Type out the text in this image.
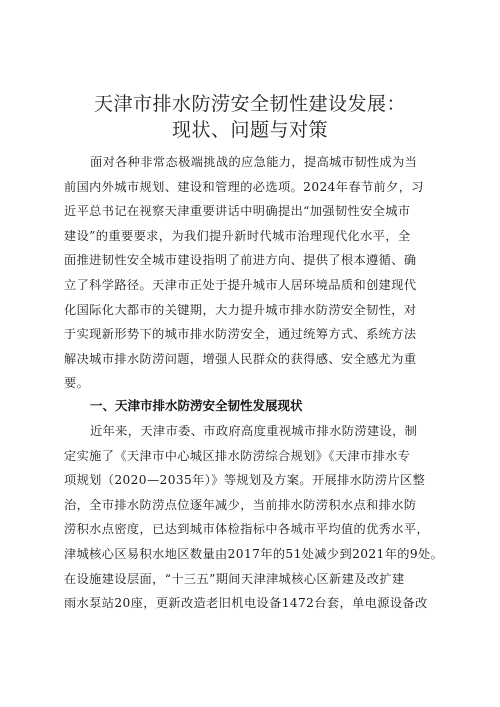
天津市排水防涝安全韧性建设发展：
现状、问题与对策
面对各种非常态极端挑战的应急能力，提高城市韧性成为当
前国内外城市规划、建设和管理的必选项。2024年春节前夕，习
近平总书记在视察天津重要讲话中明确提出“加强韧性安全城市
建设”的重要要求，为我们提升新时代城市治理现代化水平，全
面推进韧性安全城市建设指明了前进方向、提供了根本遵循、确
立了科学路径。天津市正处于提升城市人居环境品质和创建现代
化国际化大都市的关键期，大力提升城市排水防涝安全韧性，对
于实现新形势下的城市排水防涝安全，通过统筹方式、系统方法
解决城市排水防涝问题，增强人民群众的获得感、安全感尤为重
要。
一、天津市排水防涝安全韧性发展现状
近年来，天津市委、市政府高度重视城市排水防涝建设，制
定实施了《天津市中心城区排水防涝综合规划》《天津市排水专
项规划（2020—2035年）》等规划及方案。开展排水防涝片区整
治，全市排水防涝点位逐年减少，当前排水防涝积水点和排水防
涝积水点密度，已达到城市体检指标中各城市平均值的优秀水平，
津城核心区易积水地区数量由2017年的51处减少到2021年的9处。
在设施建设层面，“十三五”期间天津津城核心区新建及改扩建
雨水泵站20座，更新改造老旧机电设备1472台套，单电源设备改
